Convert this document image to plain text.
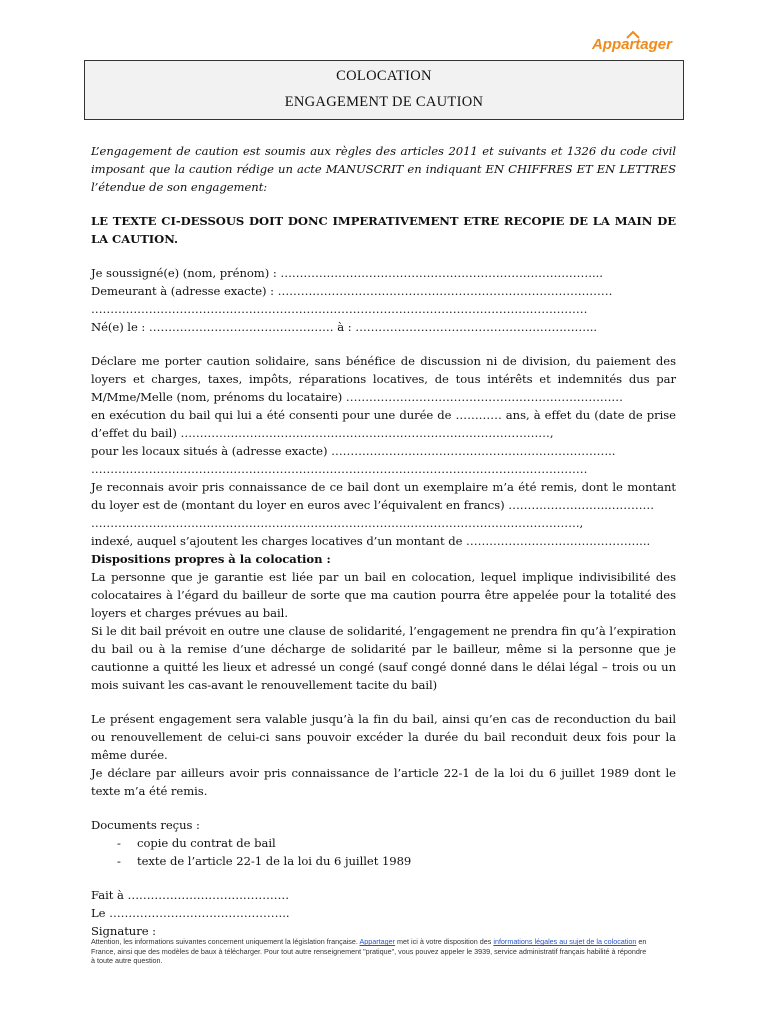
Appartager
COLOCATION
ENGAGEMENT DE CAUTION

L’engagement de caution est soumis aux règles des articles 2011 et suivants et 1326 du code civil imposant que la caution rédige un acte MANUSCRIT en indiquant EN CHIFFRES ET EN LETTRES l’étendue de son engagement:

LE TEXTE CI-DESSOUS DOIT DONC IMPERATIVEMENT ETRE RECOPIE DE LA MAIN DE LA CAUTION.

Je soussigné(e) (nom, prénom) : ………………………………………………………………………...

Demeurant à (adresse exacte) : ……………………………………………………………………………

…………………………………………………………………………………………………………………

Né(e) le : ………………………………………… à : ……………………………………………………...

Déclare me porter caution solidaire, sans bénéfice de discussion ni de division, du paiement des loyers et charges, taxes, impôts, réparations locatives, de tous intérêts et indemnités dus par M/Mme/Melle (nom, prénoms du locataire) ………………………………………………………………

en exécution du bail qui lui a été consenti pour une durée de ………… ans, à effet du (date de prise d’effet du bail) ……………………………………………………………………………………,

pour les locaux situés à (adresse exacte) ………………………………………………………………..

…………………………………………………………………………………………………………………

Je reconnais avoir pris connaissance de ce bail dont un exemplaire m’a été remis, dont le montant du loyer est de (montant du loyer en euros avec l’équivalent en francs) ……………………..…………

……………………………………………………………………………………………………………….,

indexé, auquel s’ajoutent les charges locatives d’un montant de ………………………………………...

Dispositions propres à la colocation :

La personne que je garantie est liée par un bail en colocation, lequel implique indivisibilité des colocataires à l’égard du bailleur de sorte que ma caution pourra être appelée pour la totalité des loyers et charges prévues au bail.

Si le dit bail prévoit en outre une clause de solidarité, l’engagement ne prendra fin qu’à l’expiration du bail ou à la remise d’une décharge de solidarité par le bailleur, même si la personne que je cautionne a quitté les lieux et adressé un congé (sauf congé donné dans le délai légal – trois ou un mois suivant les cas-avant le renouvellement tacite du bail)

Le présent engagement sera valable jusqu’à la fin du bail, ainsi qu’en cas de reconduction du bail ou renouvellement de celui-ci sans pouvoir excéder la durée du bail reconduit deux fois pour la même durée.

Je déclare par ailleurs avoir pris connaissance de l’article 22-1 de la loi du 6 juillet 1989 dont le texte m’a été remis.

Documents reçus :

- copie du contrat de bail
- texte de l’article 22-1 de la loi du 6 juillet 1989

Fait à ……………………………………

Le ………………………………………..

Signature :

Attention, les informations suivantes concernent uniquement la législation française. Appartager met ici à votre disposition des informations légales au sujet de la colocation en France, ainsi que des modèles de baux à télécharger. Pour tout autre renseignement "pratique", vous pouvez appeler le 3939, service administratif français habilité à répondre à toute autre question.
